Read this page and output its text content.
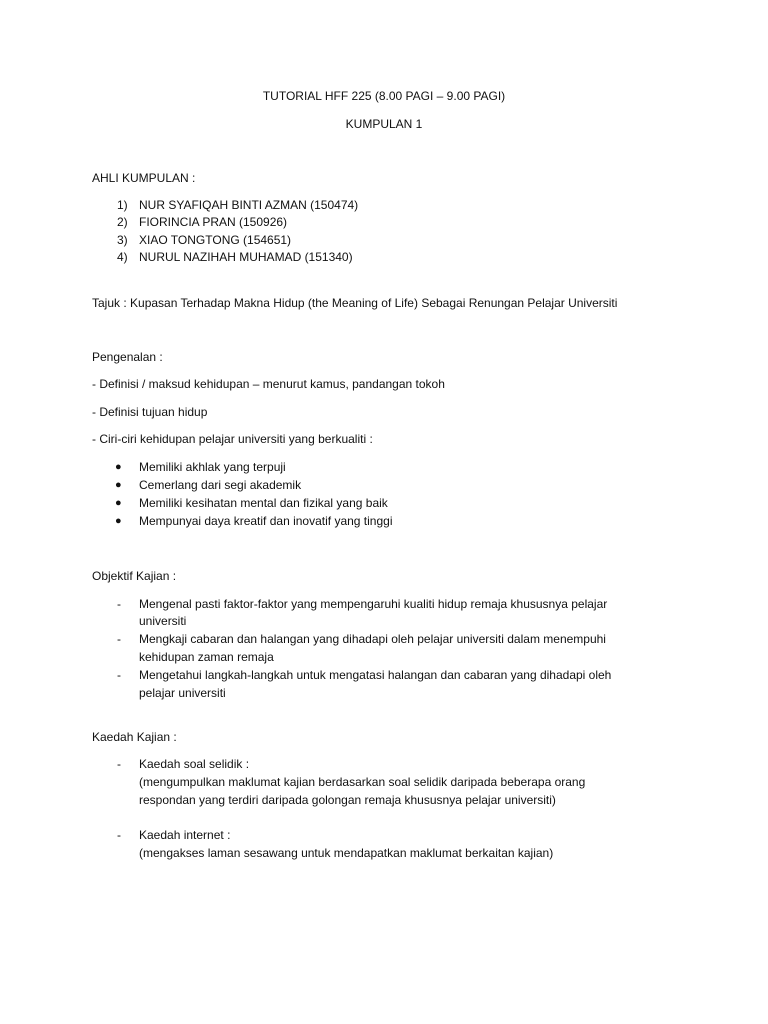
TUTORIAL HFF 225 (8.00 PAGI – 9.00 PAGI)
KUMPULAN 1
AHLI KUMPULAN :
1) NUR SYAFIQAH BINTI AZMAN (150474)
2) FIORINCIA PRAN (150926)
3) XIAO TONGTONG (154651)
4) NURUL NAZIHAH MUHAMAD (151340)
Tajuk : Kupasan Terhadap Makna Hidup (the Meaning of Life) Sebagai Renungan Pelajar Universiti
Pengenalan :
- Definisi / maksud kehidupan – menurut kamus, pandangan tokoh
- Definisi tujuan hidup
- Ciri-ciri kehidupan pelajar universiti yang berkualiti :
● Memiliki akhlak yang terpuji
● Cemerlang dari segi akademik
● Memiliki kesihatan mental dan fizikal yang baik
● Mempunyai daya kreatif dan inovatif yang tinggi
Objektif Kajian :
- Mengenal pasti faktor-faktor yang mempengaruhi kualiti hidup remaja khususnya pelajar
universiti
- Mengkaji cabaran dan halangan yang dihadapi oleh pelajar universiti dalam menempuhi
kehidupan zaman remaja
- Mengetahui langkah-langkah untuk mengatasi halangan dan cabaran yang dihadapi oleh
pelajar universiti
Kaedah Kajian :
- Kaedah soal selidik :
(mengumpulkan maklumat kajian berdasarkan soal selidik daripada beberapa orang
respondan yang terdiri daripada golongan remaja khususnya pelajar universiti)
- Kaedah internet :
(mengakses laman sesawang untuk mendapatkan maklumat berkaitan kajian)
